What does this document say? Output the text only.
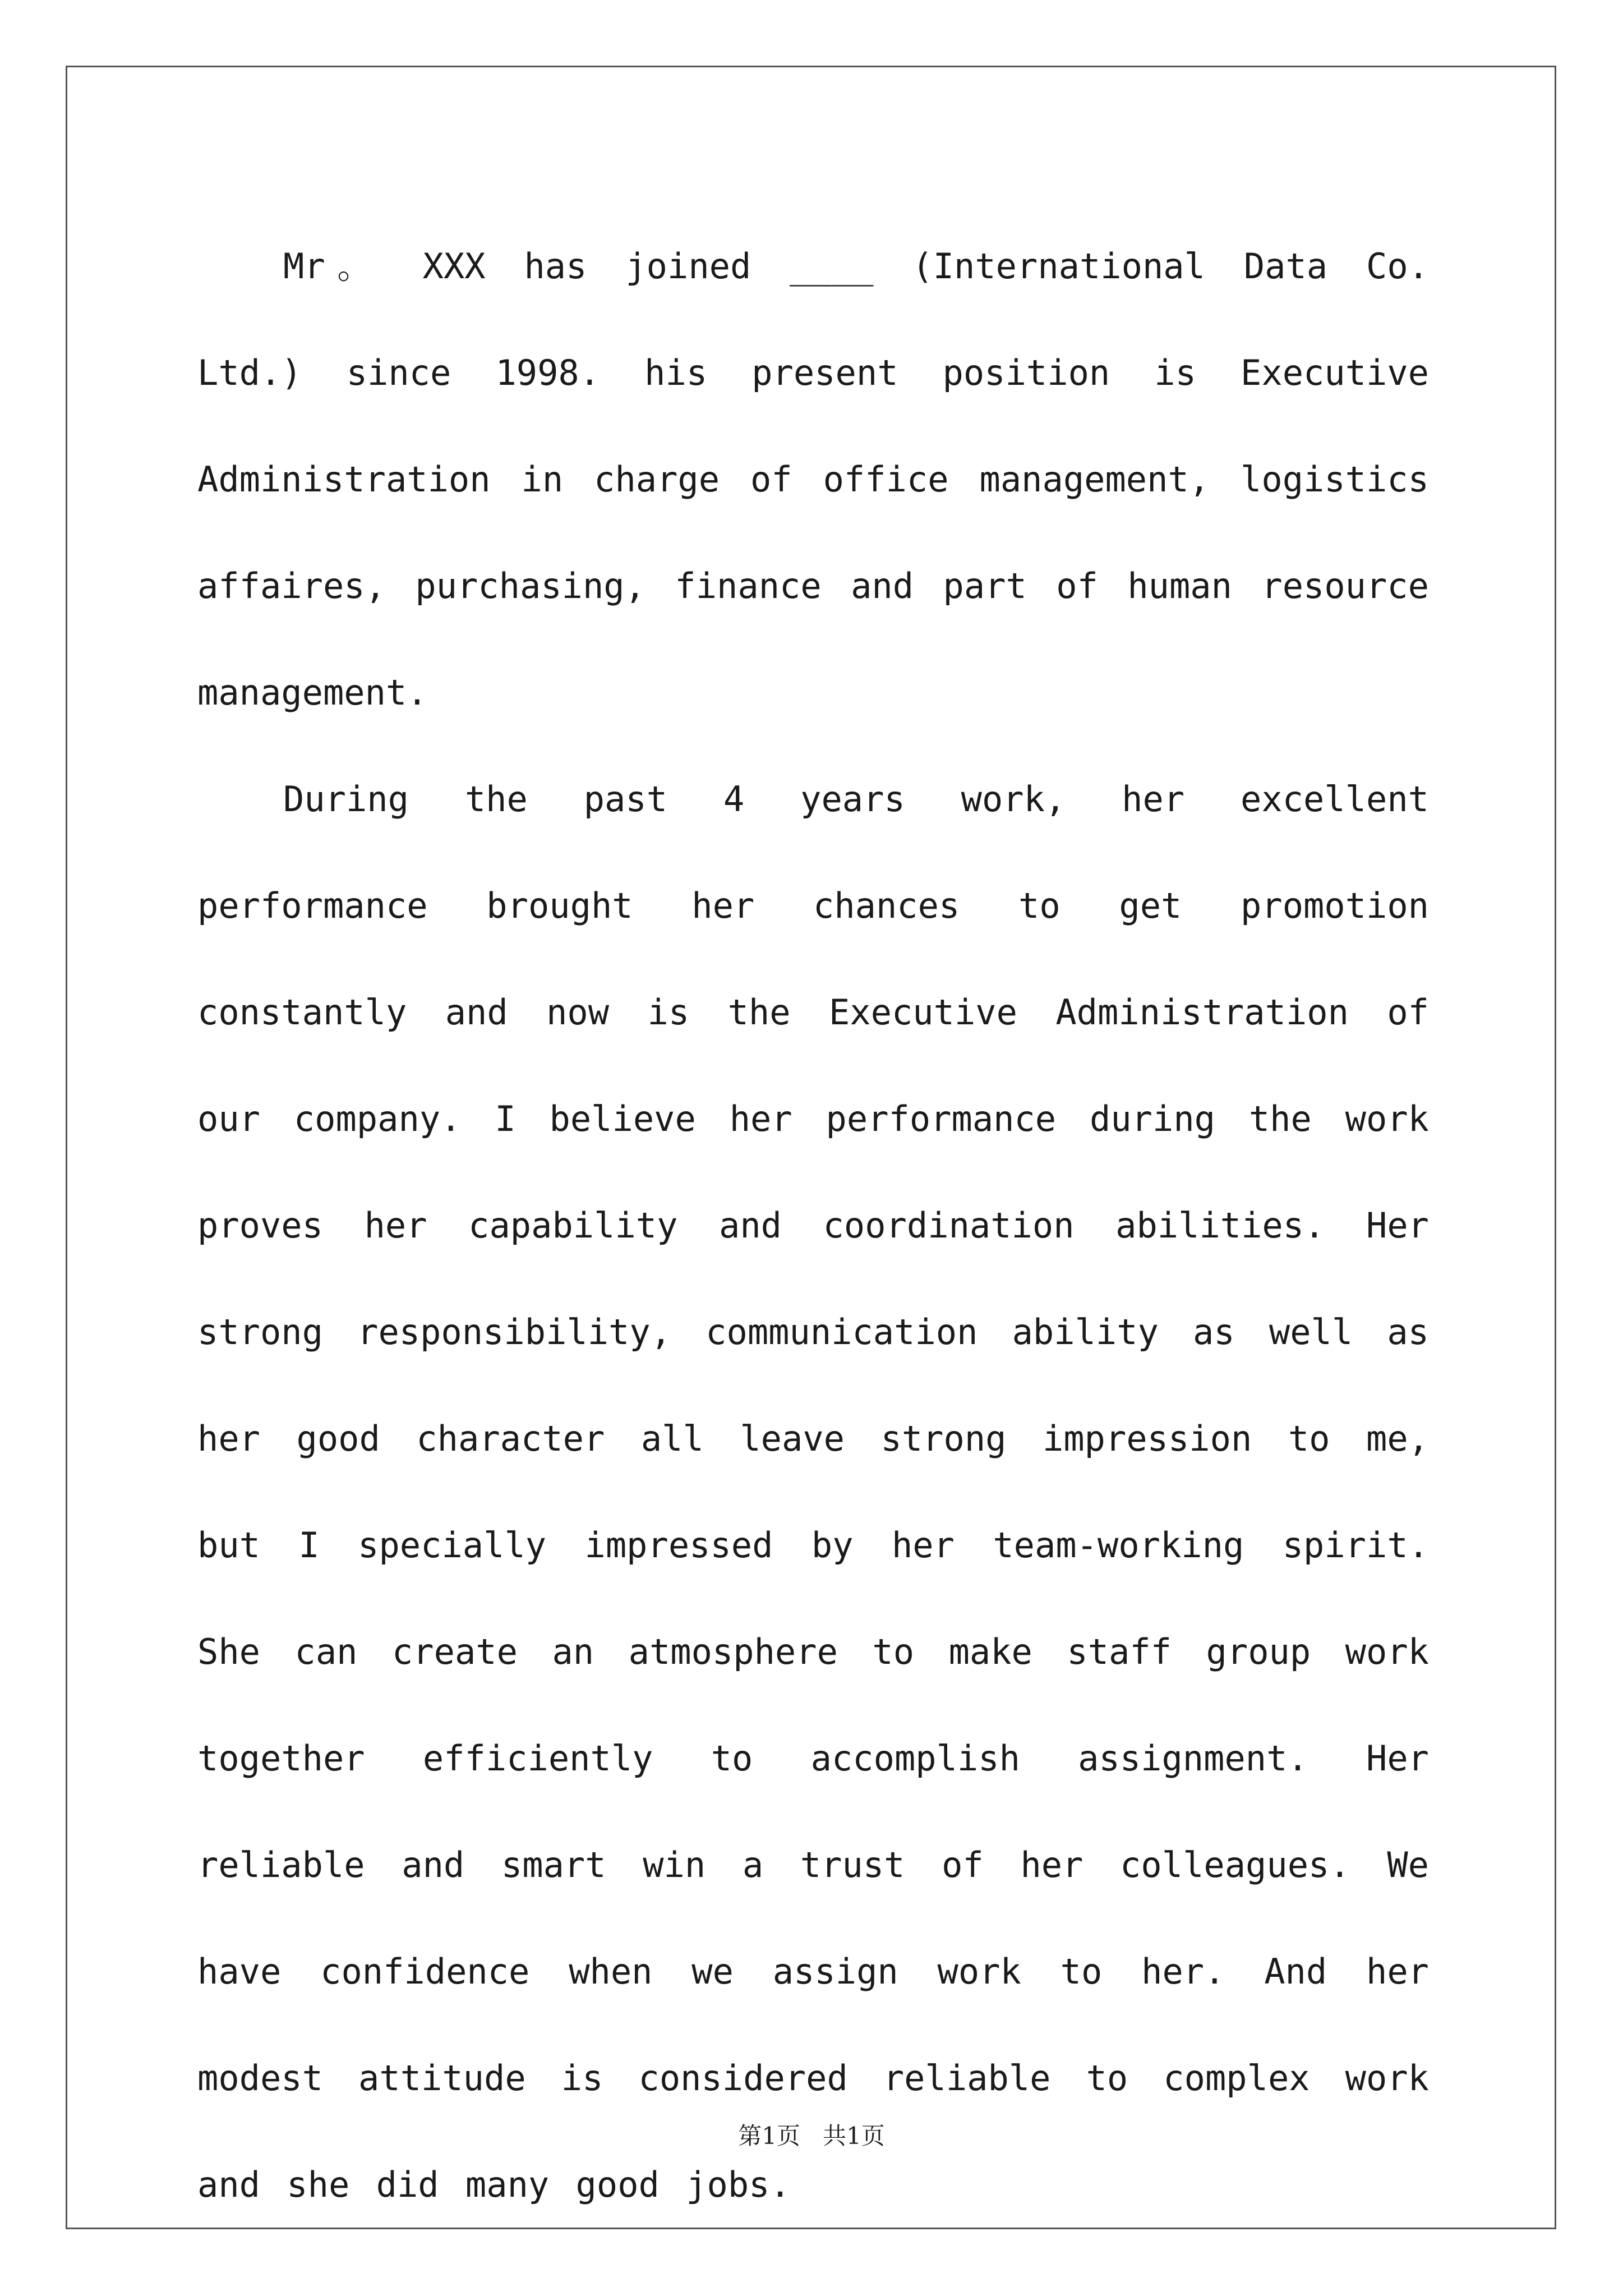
Mr。 XXX has joined ____ (International Data Co. Ltd.) since 1998. his present position is Executive Administration in charge of office management, logistics affaires, purchasing, finance and part of human resource management.

During the past 4 years work, her excellent performance brought her chances to get promotion constantly and now is the Executive Administration of our company. I believe her performance during the work proves her capability and coordination abilities. Her strong responsibility, communication ability as well as her good character all leave strong impression to me, but I specially impressed by her team-working spirit. She can create an atmosphere to make staff group work together efficiently to accomplish assignment. Her reliable and smart win a trust of her colleagues. We have confidence when we assign work to her. And her modest attitude is considered reliable to complex work and she did many good jobs.

第1页   共1页
